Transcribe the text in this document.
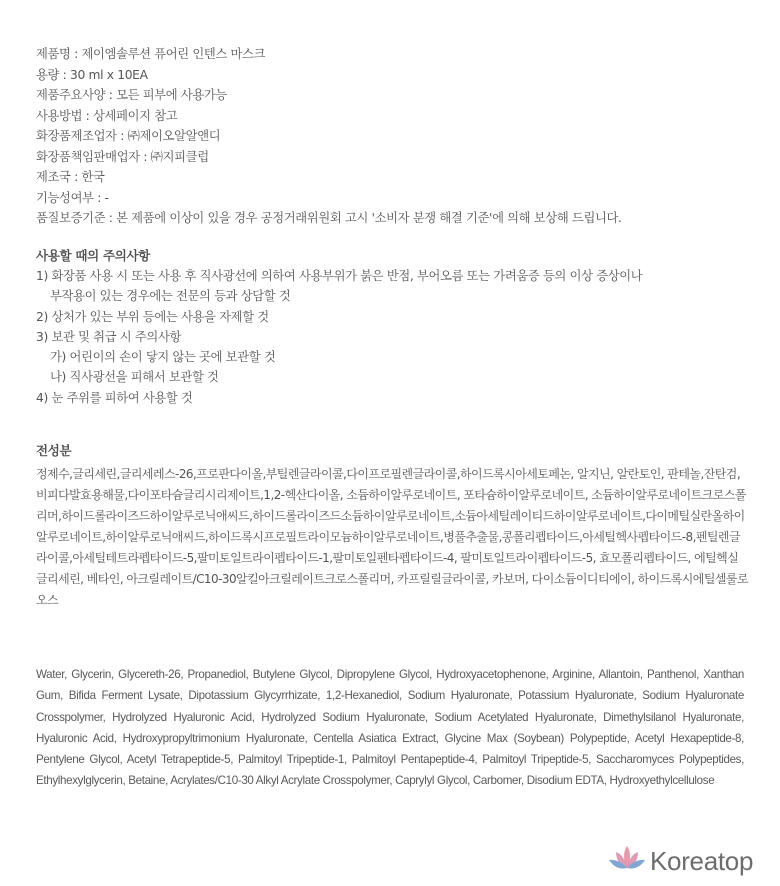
제품명 : 제이엠솔루션 퓨어린 인텐스 마스크
용량 : 30 ml x 10EA
제품주요사양 : 모든 피부에 사용가능
사용방법 : 상세페이지 참고
화장품제조업자 : ㈜제이오알알앤디
화장품책임판매업자 : ㈜지피클럽
제조국 : 한국
기능성여부 : -
품질보증기준 : 본 제품에 이상이 있을 경우 공정거래위원회 고시 '소비자 분쟁 해결 기준'에 의해 보상해 드립니다.
사용할 때의 주의사항
1) 화장품 사용 시 또는 사용 후 직사광선에 의하여 사용부위가 붉은 반점, 부어오름 또는 가려움증 등의 이상 증상이나
부작용이 있는 경우에는 전문의 등과 상담할 것
2) 상처가 있는 부위 등에는 사용을 자제할 것
3) 보관 및 취급 시 주의사항
가) 어린이의 손이 닿지 않는 곳에 보관할 것
나) 직사광선을 피해서 보관할 것
4) 눈 주위를 피하여 사용할 것
전성분
정제수,글리세린,글리세레스-26,프로판다이올,부틸렌글라이콜,다이프로필렌글라이콜,하이드록시아세토페논, 알지닌, 알란토인, 판테놀,잔탄검,비피다발효용해물,다이포타슘글리시리제이트,1,2-헥산다이올, 소듐하이알루로네이트, 포타슘하이알루로네이트, 소듐하이알루로네이트크로스폴리머,하이드롤라이즈드하이알루로닉애씨드,하이드롤라이즈드소듐하이알루로네이트,소듐아세틸레이티드하이알루로네이트,다이메틸실란올하이알루로네이트,하이알루로닉애씨드,하이드록시프로필트라이모늄하이알루로네이트,병풀추출물,콩폴리펩타이드,아세틸헥사펩타이드-8,펜틸렌글라이콜,아세틸테트라펩타이드-5,팔미토일트라이펩타이드-1,팔미토일펜타펩타이드-4, 팔미토일트라이펩타이드-5, 효모폴리펩타이드, 에틸헥실글리세린, 베타인, 아크릴레이트/C10-30알킬아크릴레이트크로스폴리머, 카프릴릴글라이콜, 카보머, 다이소듐이디티에이, 하이드록시에틸셀룰로오스
Water, Glycerin, Glycereth-26, Propanediol, Butylene Glycol, Dipropylene Glycol, Hydroxyacetophenone, Arginine, Allantoin, Panthenol, Xanthan Gum, Bifida Ferment Lysate, Dipotassium Glycyrrhizate, 1,2-Hexanediol, Sodium Hyaluronate, Potassium Hyaluronate, Sodium Hyaluronate Crosspolymer, Hydrolyzed Hyaluronic Acid, Hydrolyzed Sodium Hyaluronate, Sodium Acetylated Hyaluronate, Dimethylsilanol Hyaluronate, Hyaluronic Acid, Hydroxypropyltrimonium Hyaluronate, Centella Asiatica Extract, Glycine Max (Soybean) Polypeptide, Acetyl Hexapeptide-8, Pentylene Glycol, Acetyl Tetrapeptide-5, Palmitoyl Tripeptide-1, Palmitoyl Pentapeptide-4, Palmitoyl Tripeptide-5, Saccharomyces Polypeptides, Ethylhexylglycerin, Betaine, Acrylates/C10-30 Alkyl Acrylate Crosspolymer, Caprylyl Glycol, Carbomer, Disodium EDTA, Hydroxyethylcellulose
Koreatop
